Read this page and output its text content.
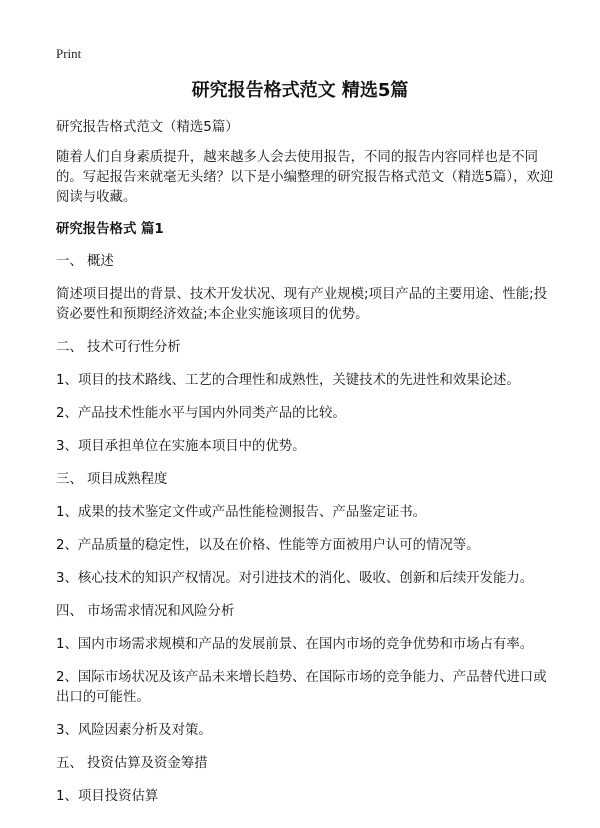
Print
研究报告格式范文 精选5篇

研究报告格式范文（精选5篇）

随着人们自身素质提升，越来越多人会去使用报告，不同的报告内容同样也是不同的。写起报告来就毫无头绪？以下是小编整理的研究报告格式范文（精选5篇），欢迎阅读与收藏。

研究报告格式 篇1

一、 概述

简述项目提出的背景、技术开发状况、现有产业规模;项目产品的主要用途、性能;投资必要性和预期经济效益;本企业实施该项目的优势。

二、 技术可行性分析

1、项目的技术路线、工艺的合理性和成熟性，关键技术的先进性和效果论述。

2、产品技术性能水平与国内外同类产品的比较。

3、项目承担单位在实施本项目中的优势。

三、 项目成熟程度

1、成果的技术鉴定文件或产品性能检测报告、产品鉴定证书。

2、产品质量的稳定性，以及在价格、性能等方面被用户认可的情况等。

3、核心技术的知识产权情况。对引进技术的消化、吸收、创新和后续开发能力。

四、 市场需求情况和风险分析

1、国内市场需求规模和产品的发展前景、在国内市场的竞争优势和市场占有率。

2、国际市场状况及该产品未来增长趋势、在国际市场的竞争能力、产品替代进口或出口的可能性。

3、风险因素分析及对策。

五、 投资估算及资金筹措

1、项目投资估算
